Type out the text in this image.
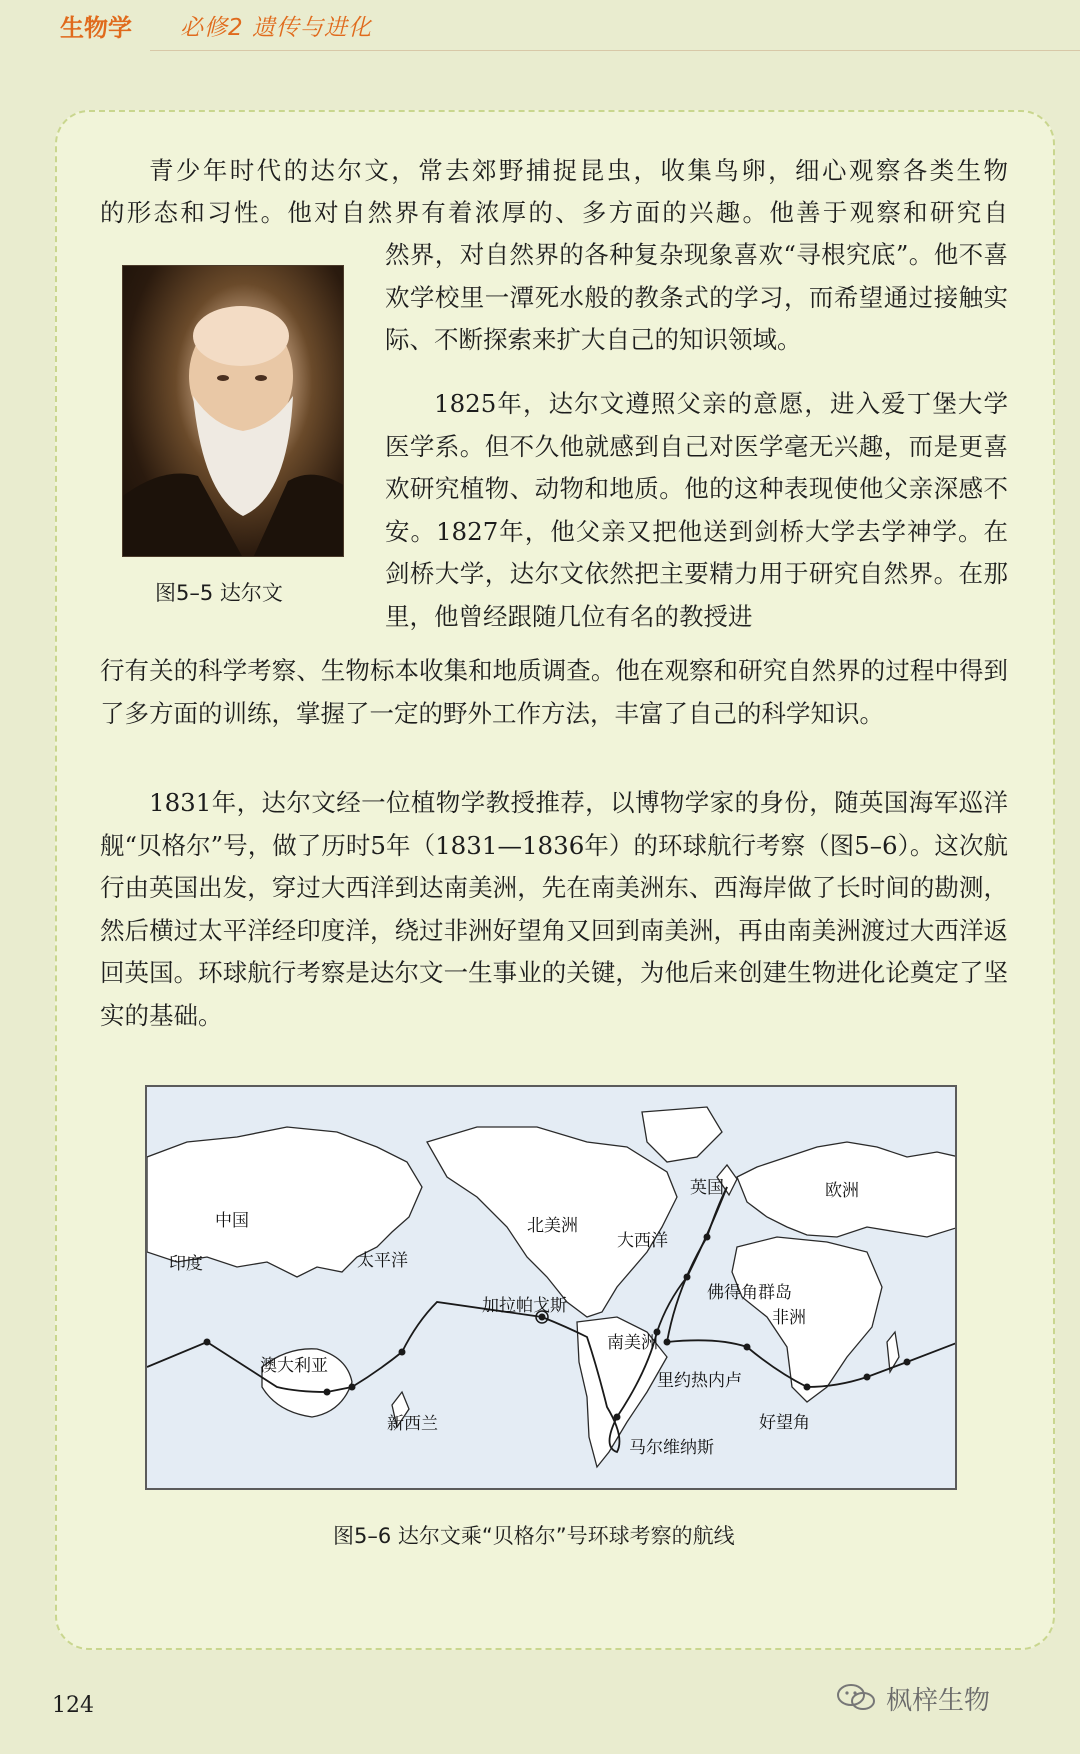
生物学 必修2 遗传与进化

青少年时代的达尔文，常去郊野捕捉昆虫，收集鸟卵，细心观察各类生物

的形态和习性。他对自然界有着浓厚的、多方面的兴趣。他善于观察和研究自

图5–5 达尔文

然界，对自然界的各种复杂现象喜欢“寻根究底”。他不喜欢学校里一潭死水般的教条式的学习，而希望通过接触实际、不断探索来扩大自己的知识领域。

1825年，达尔文遵照父亲的意愿，进入爱丁堡大学医学系。但不久他就感到自己对医学毫无兴趣，而是更喜欢研究植物、动物和地质。他的这种表现使他父亲深感不安。1827年，他父亲又把他送到剑桥大学去学神学。在剑桥大学，达尔文依然把主要精力用于研究自然界。在那里，他曾经跟随几位有名的教授进

行有关的科学考察、生物标本收集和地质调查。他在观察和研究自然界的过程中得到了多方面的训练，掌握了一定的野外工作方法，丰富了自己的科学知识。

1831年，达尔文经一位植物学教授推荐，以博物学家的身份，随英国海军巡洋舰“贝格尔”号，做了历时5年（1831—1836年）的环球航行考察（图5–6）。这次航行由英国出发，穿过大西洋到达南美洲，先在南美洲东、西海岸做了长时间的勘测，然后横过太平洋经印度洋，绕过非洲好望角又回到南美洲，再由南美洲渡过大西洋返回英国。环球航行考察是达尔文一生事业的关键，为他后来创建生物进化论奠定了坚实的基础。

中国
印度	太平洋
北美洲
大西洋
英国	欧洲
佛得角群岛
非洲
加拉帕戈斯
南美洲
里约热内卢
澳大利亚
新西兰
马尔维纳斯
好望角
图5–6 达尔文乘“贝格尔”号环球考察的航线
124	枫梓生物
